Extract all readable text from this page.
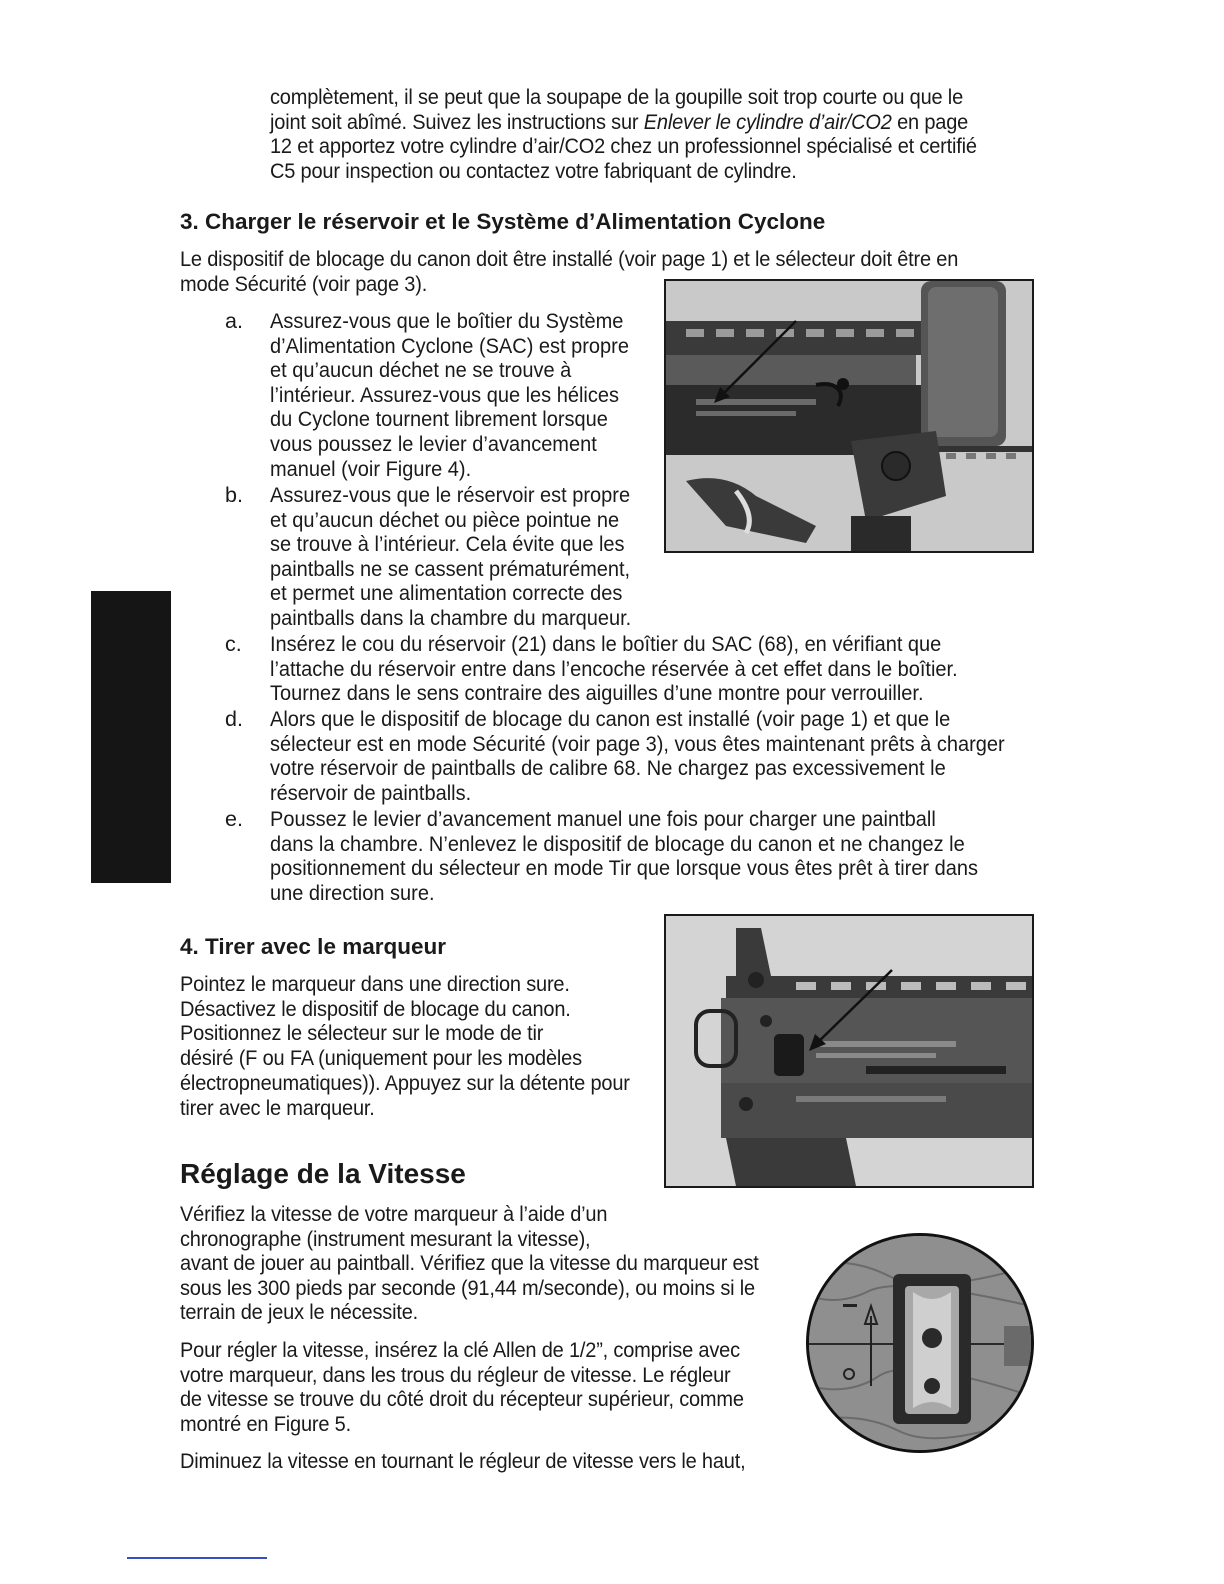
complètement, il se peut que la soupape de la goupille soit trop courte ou que le
joint soit abîmé. Suivez les instructions sur Enlever le cylindre d’air/CO2 en page
12 et apportez votre cylindre d’air/CO2 chez un professionnel spécialisé et certifié
C5 pour inspection ou contactez votre fabriquant de cylindre.
3. Charger le réservoir et le Système d’Alimentation Cyclone
Le dispositif de blocage du canon doit être installé (voir page 1) et le sélecteur doit être en
mode Sécurité (voir page 3).
a.	Assurez-vous que le boîtier du Système
d’Alimentation Cyclone (SAC) est propre
et qu’aucun déchet ne se trouve à
l’intérieur. Assurez-vous que les hélices
du Cyclone tournent librement lorsque
vous poussez le levier d’avancement
manuel (voir Figure 4).
b.	Assurez-vous que le réservoir est propre
et qu’aucun déchet ou pièce pointue ne
se trouve à l’intérieur. Cela évite que les
paintballs ne se cassent prématurément,
et permet une alimentation correcte des
paintballs dans la chambre du marqueur.
c.	Insérez le cou du réservoir (21) dans le boîtier du SAC (68), en vérifiant que
l’attache du réservoir entre dans l’encoche réservée à cet effet dans le boîtier.
Tournez dans le sens contraire des aiguilles d’une montre pour verrouiller.
d.	Alors que le dispositif de blocage du canon est installé (voir page 1) et que le
sélecteur est en mode Sécurité (voir page 3), vous êtes maintenant prêts à charger
votre réservoir de paintballs de calibre 68. Ne chargez pas excessivement le
réservoir de paintballs.
e.	Poussez le levier d’avancement manuel une fois pour charger une paintball
dans la chambre. N’enlevez le dispositif de blocage du canon et ne changez le
positionnement du sélecteur en mode Tir que lorsque vous êtes prêt à tirer dans
une direction sure.
4. Tirer avec le marqueur
Pointez le marqueur dans une direction sure.
Désactivez le dispositif de blocage du canon.
Positionnez le sélecteur sur le mode de tir
désiré (F ou FA (uniquement pour les modèles
électropneumatiques)). Appuyez sur la détente pour
tirer avec le marqueur.
Réglage de la Vitesse
Vérifiez la vitesse de votre marqueur à l’aide d’un
chronographe (instrument mesurant la vitesse),
avant de jouer au paintball. Vérifiez que la vitesse du marqueur est
sous les 300 pieds par seconde (91,44 m/seconde), ou moins si le
terrain de jeux le nécessite.
Pour régler la vitesse, insérez la clé Allen de 1/2”, comprise avec
votre marqueur, dans les trous du régleur de vitesse. Le régleur
de vitesse se trouve du côté droit du récepteur supérieur, comme
montré en Figure 5.
Diminuez la vitesse en tournant le régleur de vitesse vers le haut,
